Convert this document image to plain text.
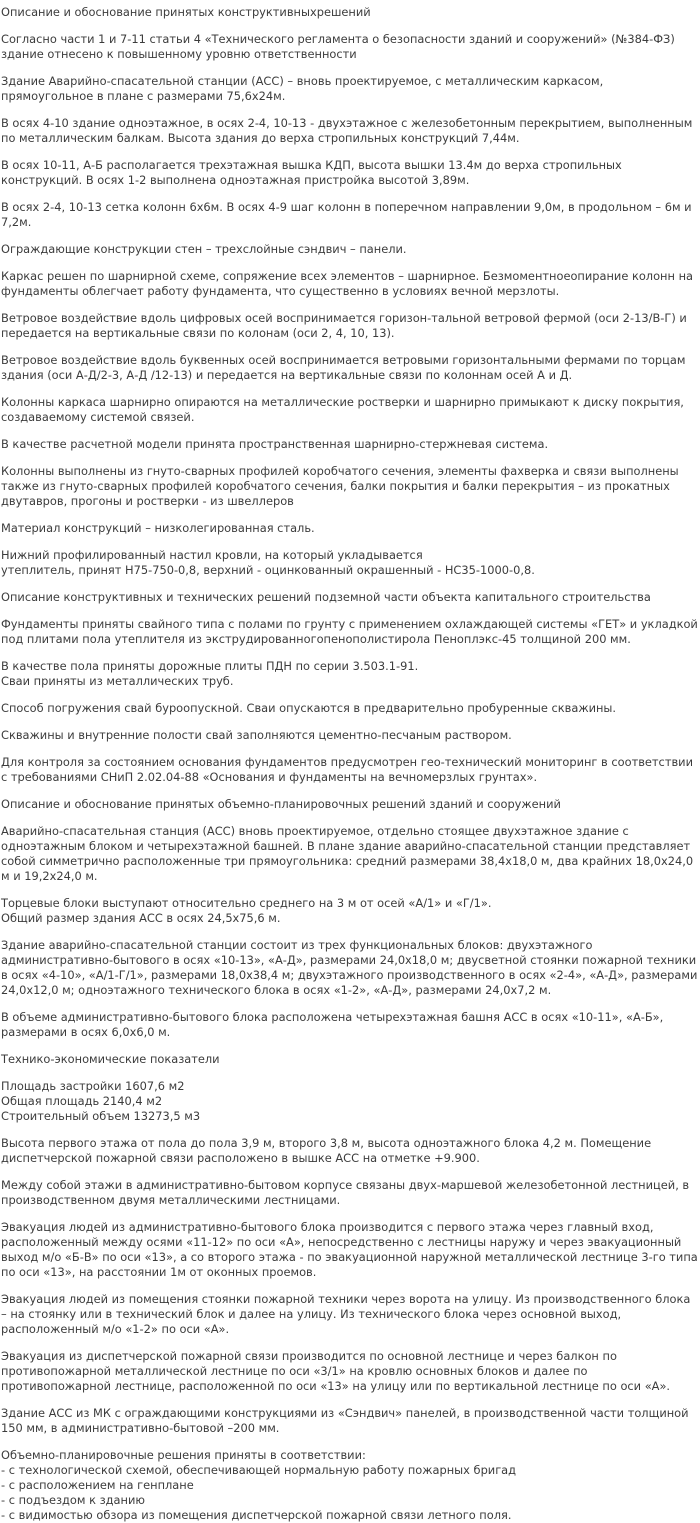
Описание и обоснование принятых конструктивныхрешений

Согласно части 1 и 7-11 статьи 4 «Технического регламента о безопасности зданий и сооружений» (№384-ФЗ) здание отнесено к повышенному уровню ответственности

Здание Аварийно-спасательной станции (АСС) – вновь проектируемое, с металлическим каркасом, прямоугольное в плане с размерами 75,6х24м.

В осях 4-10 здание одноэтажное, в осях 2-4, 10-13 - двухэтажное с железобетонным перекрытием, выполненным по металлическим балкам. Высота здания до верха стропильных конструкций 7,44м.

В осях 10-11, А-Б располагается трехэтажная вышка КДП, высота вышки 13.4м до верха стропильных конструкций. В осях 1-2 выполнена одноэтажная пристройка высотой 3,89м.

В осях 2-4, 10-13 сетка колонн 6х6м. В осях 4-9 шаг колонн в поперечном направлении 9,0м, в продольном – 6м и 7,2м.

Ограждающие конструкции стен – трехслойные сэндвич – панели.

Каркас решен по шарнирной схеме, сопряжение всех элементов – шарнирное. Безмоментноеопирание колонн на фундаменты облегчает работу фундамента, что существенно в условиях вечной мерзлоты.

Ветровое воздействие вдоль цифровых осей воспринимается горизон-тальной ветровой фермой (оси 2-13/В-Г) и передается на вертикальные связи по колонам (оси 2, 4, 10, 13).

Ветровое воздействие вдоль буквенных осей воспринимается ветровыми горизонтальными фермами по торцам здания (оси А-Д/2-3, А-Д /12-13) и передается на вертикальные связи по колоннам осей А и Д.

Колонны каркаса шарнирно опираются на металлические ростверки и шарнирно примыкают к диску покрытия, создаваемому системой связей.

В качестве расчетной модели принята пространственная шарнирно-стержневая система.

Колонны выполнены из гнуто-сварных профилей коробчатого сечения, элементы фахверка и связи выполнены также из гнуто-сварных профилей коробчатого сечения, балки покрытия и балки перекрытия – из прокатных двутавров, прогоны и ростверки - из швеллеров

Материал конструкций – низколегированная сталь.

Нижний профилированный настил кровли, на который укладывается
утеплитель, принят Н75-750-0,8, верхний - оцинкованный окрашенный - НС35-1000-0,8.

Описание конструктивных и технических решений подземной части объекта капитального строительства

Фундаменты приняты свайного типа с полами по грунту с применением охлаждающей системы «ГЕТ» и укладкой под плитами пола утеплителя из экструдированногопенополистирола Пеноплэкс-45 толщиной 200 мм.

В качестве пола приняты дорожные плиты ПДН по серии 3.503.1-91.
Сваи приняты из металлических труб.

Способ погружения свай буроопускной. Сваи опускаются в предварительно пробуренные скважины.

Скважины и внутренние полости свай заполняются цементно-песчаным раствором.

Для контроля за состоянием основания фундаментов предусмотрен гео-технический мониторинг в соответствии с требованиями СНиП 2.02.04-88 «Основания и фундаменты на вечномерзлых грунтах».

Описание и обоснование принятых объемно-планировочных решений зданий и сооружений

Аварийно-спасательная станция (АСС) вновь проектируемое, отдельно стоящее двухэтажное здание с одноэтажным блоком и четырехэтажной башней. В плане здание аварийно-спасательной станции представляет собой симметрично расположенные три прямоугольника: средний размерами 38,4х18,0 м, два крайних 18,0х24,0 м и 19,2х24,0 м.

Торцевые блоки выступают относительно среднего на 3 м от осей «А/1» и «Г/1».
Общий размер здания АСС в осях 24,5х75,6 м.

Здание аварийно-спасательной станции состоит из трех функциональных блоков: двухэтажного административно-бытового в осях «10-13», «А-Д», размерами 24,0х18,0 м; двусветной стоянки пожарной техники в осях «4-10», «А/1-Г/1», размерами 18,0х38,4 м; двухэтажного производственного в осях «2-4», «А-Д», размерами 24,0х12,0 м; одноэтажного технического блока в осях «1-2», «А-Д», размерами 24,0х7,2 м.

В объеме административно-бытового блока расположена четырехэтажная башня АСС в осях «10-11», «А-Б», размерами в осях 6,0х6,0 м.

Технико-экономические показатели

Площадь застройки 1607,6 м2
Общая площадь 2140,4 м2
Строительный объем 13273,5 м3

Высота первого этажа от пола до пола 3,9 м, второго 3,8 м, высота одноэтажного блока 4,2 м. Помещение диспетчерской пожарной связи расположено в вышке АСС на отметке +9.900.

Между собой этажи в административно-бытовом корпусе связаны двух-маршевой железобетонной лестницей, в производственном двумя металлическими лестницами.

Эвакуация людей из административно-бытового блока производится с первого этажа через главный вход, расположенный между осями «11-12» по оси «А», непосредственно с лестницы наружу и через эвакуационный выход м/о «Б-В» по оси «13», а со второго этажа - по эвакуационной наружной металлической лестнице 3-го типа по оси «13», на расстоянии 1м от оконных проемов.

Эвакуация людей из помещения стоянки пожарной техники через ворота на улицу. Из производственного блока – на стоянку или в технический блок и далее на улицу. Из технического блока через основной выход, расположенный м/о «1-2» по оси «А».

Эвакуация из диспетчерской пожарной связи производится по основной лестнице и через балкон по противопожарной металлической лестнице по оси «3/1» на кровлю основных блоков и далее по противопожарной лестнице, расположенной по оси «13» на улицу или по вертикальной лестнице по оси «А».

Здание АСС из МК с ограждающими конструкциями из «Сэндвич» панелей, в производственной части толщиной 150 мм, в административно-бытовой –200 мм.

Объемно-планировочные решения приняты в соответствии:
- с технологической схемой, обеспечивающей нормальную работу пожарных бригад
- с расположением на генплане
- с подъездом к зданию
- с видимостью обзора из помещения диспетчерской пожарной связи летного поля.
